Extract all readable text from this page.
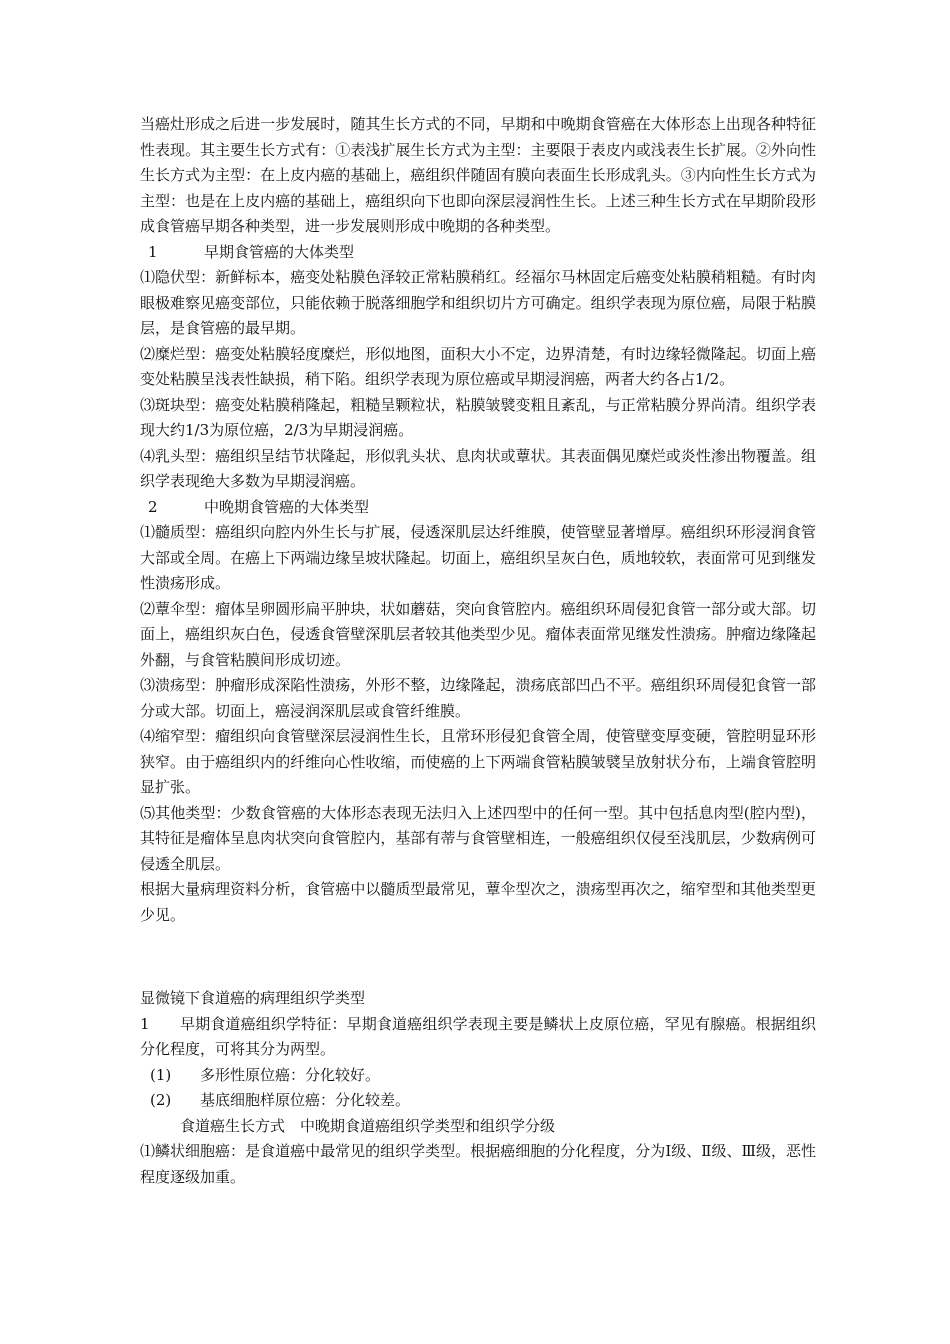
当癌灶形成之后进一步发展时，随其生长方式的不同，早期和中晚期食管癌在大体形态上出现各种特征性表现。其主要生长方式有：①表浅扩展生长方式为主型：主要限于表皮内或浅表生长扩展。②外向性生长方式为主型：在上皮内癌的基础上，癌组织伴随固有膜向表面生长形成乳头。③内向性生长方式为主型：也是在上皮内癌的基础上，癌组织向下也即向深层浸润性生长。上述三种生长方式在早期阶段形成食管癌早期各种类型，进一步发展则形成中晚期的各种类型。

1	早期食管癌的大体类型

⑴隐伏型：新鲜标本，癌变处粘膜色泽较正常粘膜稍红。经福尔马林固定后癌变处粘膜稍粗糙。有时肉眼极难察见癌变部位，只能依赖于脱落细胞学和组织切片方可确定。组织学表现为原位癌，局限于粘膜层，是食管癌的最早期。

⑵糜烂型：癌变处粘膜轻度糜烂，形似地图，面积大小不定，边界清楚，有时边缘轻微隆起。切面上癌变处粘膜呈浅表性缺损，稍下陷。组织学表现为原位癌或早期浸润癌，两者大约各占1/2。

⑶斑块型：癌变处粘膜稍隆起，粗糙呈颗粒状，粘膜皱襞变粗且紊乱，与正常粘膜分界尚清。组织学表现大约1/3为原位癌，2/3为早期浸润癌。

⑷乳头型：癌组织呈结节状隆起，形似乳头状、息肉状或蕈状。其表面偶见糜烂或炎性渗出物覆盖。组织学表现绝大多数为早期浸润癌。

2	中晚期食管癌的大体类型

⑴髓质型：癌组织向腔内外生长与扩展，侵透深肌层达纤维膜，使管壁显著增厚。癌组织环形浸润食管大部或全周。在癌上下两端边缘呈坡状隆起。切面上，癌组织呈灰白色，质地较软，表面常可见到继发性溃疡形成。

⑵蕈伞型：瘤体呈卵圆形扁平肿块，状如蘑菇，突向食管腔内。癌组织环周侵犯食管一部分或大部。切面上，癌组织灰白色，侵透食管壁深肌层者较其他类型少见。瘤体表面常见继发性溃疡。肿瘤边缘隆起外翻，与食管粘膜间形成切迹。

⑶溃疡型：肿瘤形成深陷性溃疡，外形不整，边缘隆起，溃疡底部凹凸不平。癌组织环周侵犯食管一部分或大部。切面上，癌浸润深肌层或食管纤维膜。

⑷缩窄型：瘤组织向食管壁深层浸润性生长，且常环形侵犯食管全周，使管壁变厚变硬，管腔明显环形狭窄。由于癌组织内的纤维向心性收缩，而使癌的上下两端食管粘膜皱襞呈放射状分布，上端食管腔明显扩张。

⑸其他类型：少数食管癌的大体形态表现无法归入上述四型中的任何一型。其中包括息肉型(腔内型)，其特征是瘤体呈息肉状突向食管腔内，基部有蒂与食管壁相连，一般癌组织仅侵至浅肌层，少数病例可侵透全肌层。

根据大量病理资料分析，食管癌中以髓质型最常见，蕈伞型次之，溃疡型再次之，缩窄型和其他类型更少见。

显微镜下食道癌的病理组织学类型

1　　早期食道癌组织学特征：早期食道癌组织学表现主要是鳞状上皮原位癌，罕见有腺癌。根据组织分化程度，可将其分为两型。

(1) 多形性原位癌：分化较好。

(2) 基底细胞样原位癌：分化较差。

食道癌生长方式　中晚期食道癌组织学类型和组织学分级

⑴鳞状细胞癌：是食道癌中最常见的组织学类型。根据癌细胞的分化程度，分为Ⅰ级、Ⅱ级、Ⅲ级，恶性程度逐级加重。
